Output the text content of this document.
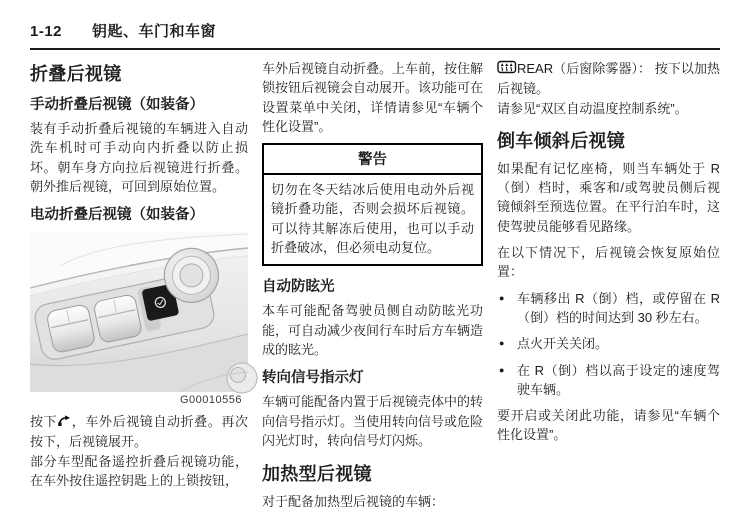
1-12 钥匙、车门和车窗
折叠后视镜
手动折叠后视镜（如装备）

装有手动折叠后视镜的车辆进入自动洗车机时可手动向内折叠以防止损坏。朝车身方向拉后视镜进行折叠。朝外推后视镜，可回到原始位置。

电动折叠后视镜（如装备）
G00010556

按下 ，车外后视镜自动折叠。再次按下，后视镜展开。

部分车型配备遥控折叠后视镜功能，在车外按住遥控钥匙上的上锁按钮，

车外后视镜自动折叠。上车前，按住解锁按钮后视镜会自动展开。该功能可在设置菜单中关闭，详情请参见“车辆个性化设置”。

警告
切勿在冬天结冰后使用电动外后视镜折叠功能，否则会损坏后视镜。可以待其解冻后使用，也可以手动折叠破冰，但必须电动复位。
自动防眩光

本车可能配备驾驶员侧自动防眩光功能，可自动减少夜间行车时后方车辆造成的眩光。

转向信号指示灯

车辆可能配备内置于后视镜壳体中的转向信号指示灯。当使用转向信号或危险闪光灯时，转向信号灯闪烁。

加热型后视镜

对于配备加热型后视镜的车辆：

REAR（后窗除雾器）： 按下以加热后视镜。

请参见“双区自动温度控制系统”。

倒车倾斜后视镜

如果配有记忆座椅，则当车辆处于 R（倒）档时，乘客和/或驾驶员侧后视镜倾斜至预选位置。在平行泊车时，这使驾驶员能够看见路缘。

在以下情况下，后视镜会恢复原始位置：

● 车辆移出 R（倒）档，或停留在 R（倒）档的时间达到 30 秒左右。
● 点火开关关闭。
● 在 R（倒）档以高于设定的速度驾驶车辆。

要开启或关闭此功能，请参见“车辆个性化设置”。
